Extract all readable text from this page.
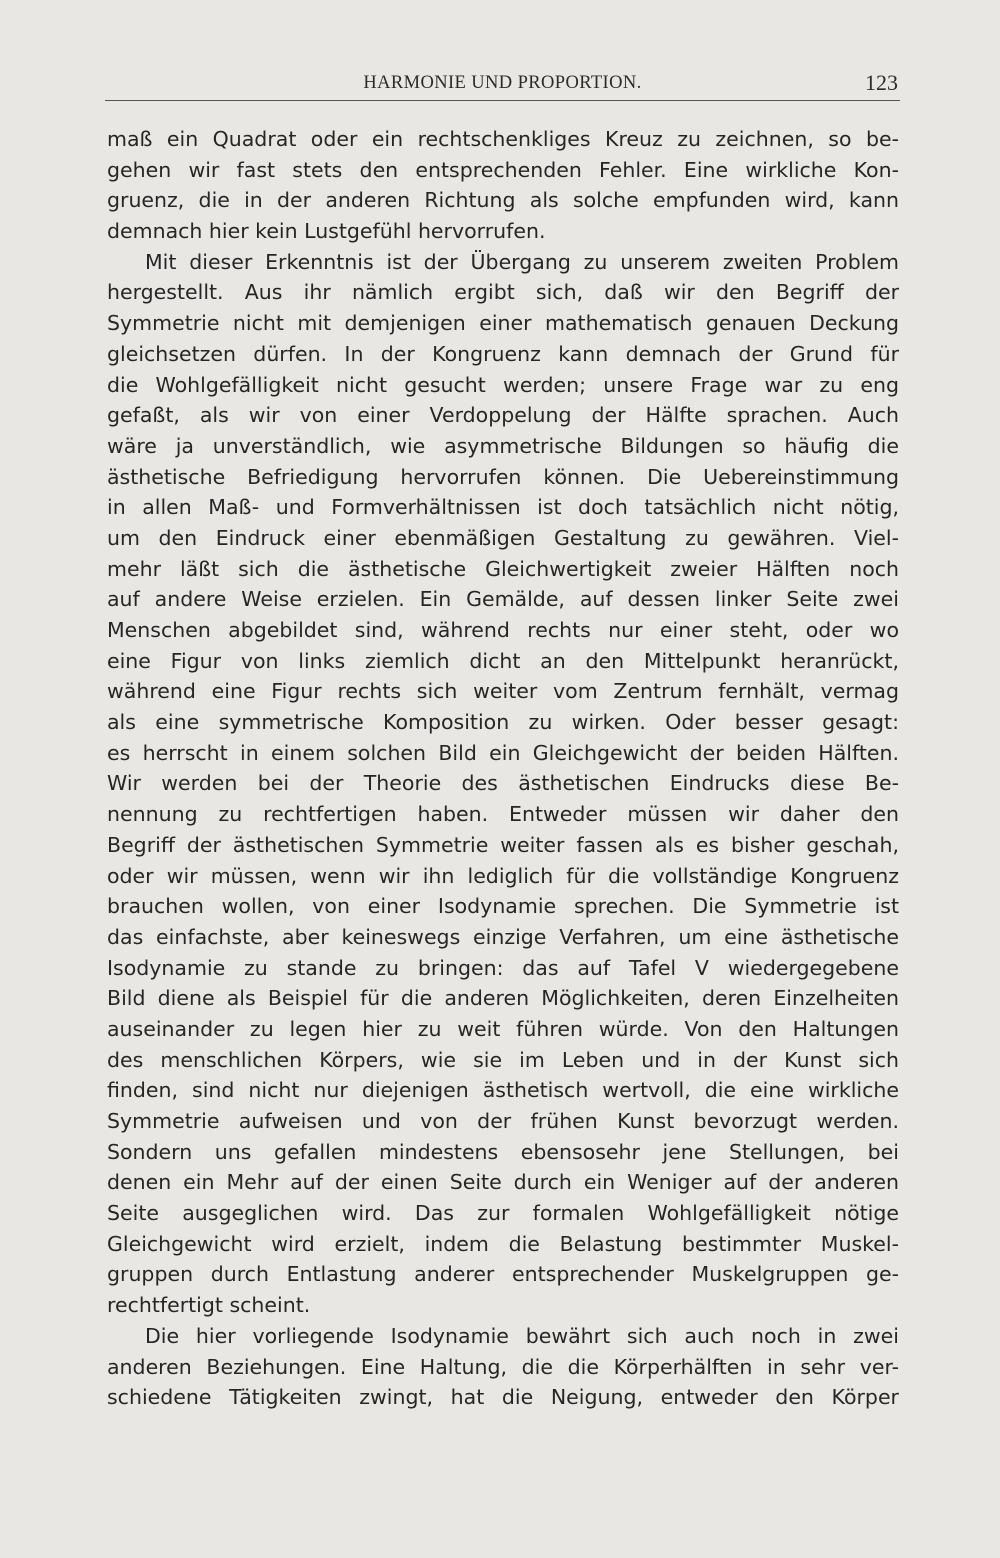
HARMONIE UND PROPORTION.	123
maß ein Quadrat oder ein rechtschenkliges Kreuz zu zeichnen, so be-
gehen wir fast stets den entsprechenden Fehler. Eine wirkliche Kon-
gruenz, die in der anderen Richtung als solche empfunden wird, kann
demnach hier kein Lustgefühl hervorrufen.
Mit dieser Erkenntnis ist der Übergang zu unserem zweiten Problem
hergestellt. Aus ihr nämlich ergibt sich, daß wir den Begriff der
Symmetrie nicht mit demjenigen einer mathematisch genauen Deckung
gleichsetzen dürfen. In der Kongruenz kann demnach der Grund für
die Wohlgefälligkeit nicht gesucht werden; unsere Frage war zu eng
gefaßt, als wir von einer Verdoppelung der Hälfte sprachen. Auch
wäre ja unverständlich, wie asymmetrische Bildungen so häufig die
ästhetische Befriedigung hervorrufen können. Die Uebereinstimmung
in allen Maß- und Formverhältnissen ist doch tatsächlich nicht nötig,
um den Eindruck einer ebenmäßigen Gestaltung zu gewähren. Viel-
mehr läßt sich die ästhetische Gleichwertigkeit zweier Hälften noch
auf andere Weise erzielen. Ein Gemälde, auf dessen linker Seite zwei
Menschen abgebildet sind, während rechts nur einer steht, oder wo
eine Figur von links ziemlich dicht an den Mittelpunkt heranrückt,
während eine Figur rechts sich weiter vom Zentrum fernhält, vermag
als eine symmetrische Komposition zu wirken. Oder besser gesagt:
es herrscht in einem solchen Bild ein Gleichgewicht der beiden Hälften.
Wir werden bei der Theorie des ästhetischen Eindrucks diese Be-
nennung zu rechtfertigen haben. Entweder müssen wir daher den
Begriff der ästhetischen Symmetrie weiter fassen als es bisher geschah,
oder wir müssen, wenn wir ihn lediglich für die vollständige Kongruenz
brauchen wollen, von einer Isodynamie sprechen. Die Symmetrie ist
das einfachste, aber keineswegs einzige Verfahren, um eine ästhetische
Isodynamie zu stande zu bringen: das auf Tafel V wiedergegebene
Bild diene als Beispiel für die anderen Möglichkeiten, deren Einzelheiten
auseinander zu legen hier zu weit führen würde. Von den Haltungen
des menschlichen Körpers, wie sie im Leben und in der Kunst sich
finden, sind nicht nur diejenigen ästhetisch wertvoll, die eine wirkliche
Symmetrie aufweisen und von der frühen Kunst bevorzugt werden.
Sondern uns gefallen mindestens ebensosehr jene Stellungen, bei
denen ein Mehr auf der einen Seite durch ein Weniger auf der anderen
Seite ausgeglichen wird. Das zur formalen Wohlgefälligkeit nötige
Gleichgewicht wird erzielt, indem die Belastung bestimmter Muskel-
gruppen durch Entlastung anderer entsprechender Muskelgruppen ge-
rechtfertigt scheint.
Die hier vorliegende Isodynamie bewährt sich auch noch in zwei
anderen Beziehungen. Eine Haltung, die die Körperhälften in sehr ver-
schiedene Tätigkeiten zwingt, hat die Neigung, entweder den Körper
